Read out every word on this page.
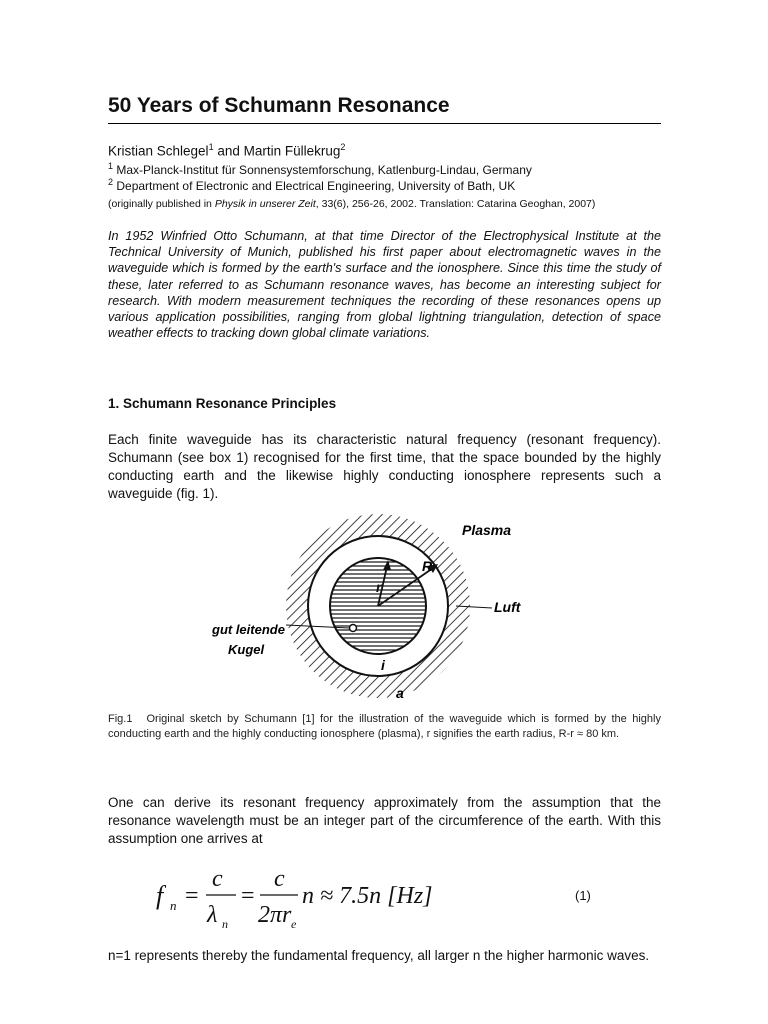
50 Years of Schumann Resonance
Kristian Schlegel$^1$ and Martin Füllekrug$^2$
$^1$ Max-Planck-Institut für Sonnensystemforschung, Katlenburg-Lindau, Germany
$^2$ Department of Electronic and Electrical Engineering, University of Bath, UK
(originally published in Physik in unserer Zeit, 33(6), 256-26, 2002. Translation: Catarina Geoghan, 2007)
In 1952 Winfried Otto Schumann, at that time Director of the Electrophysical Institute at the Technical University of Munich, published his first paper about electromagnetic waves in the waveguide which is formed by the earth's surface and the ionosphere. Since this time the study of these, later referred to as Schumann resonance waves, has become an interesting subject for research. With modern measurement techniques the recording of these resonances opens up various application possibilities, ranging from global lightning triangulation, detection of space weather effects to tracking down global climate variations.
1. Schumann Resonance Principles
Each finite waveguide has its characteristic natural frequency (resonant frequency). Schumann (see box 1) recognised for the first time, that the space bounded by the highly conducting earth and the likewise highly conducting ionosphere represents such a waveguide (fig. 1).
Plasma
Luft
gut leitende
Kugel
r
R
i
a
Fig.1 Original sketch by Schumann [1] for the illustration of the waveguide which is formed by the highly conducting earth and the highly conducting ionosphere (plasma), r signifies the earth radius, R-r ≈ 80 km.
One can derive its resonant frequency approximately from the assumption that the resonance wavelength must be an integer part of the circumference of the earth. With this assumption one arrives at
f n =
c
λ n
=
c
2πr e
n ≈ 7.5n [Hz]	(1)
n=1 represents thereby the fundamental frequency, all larger n the higher harmonic waves.
